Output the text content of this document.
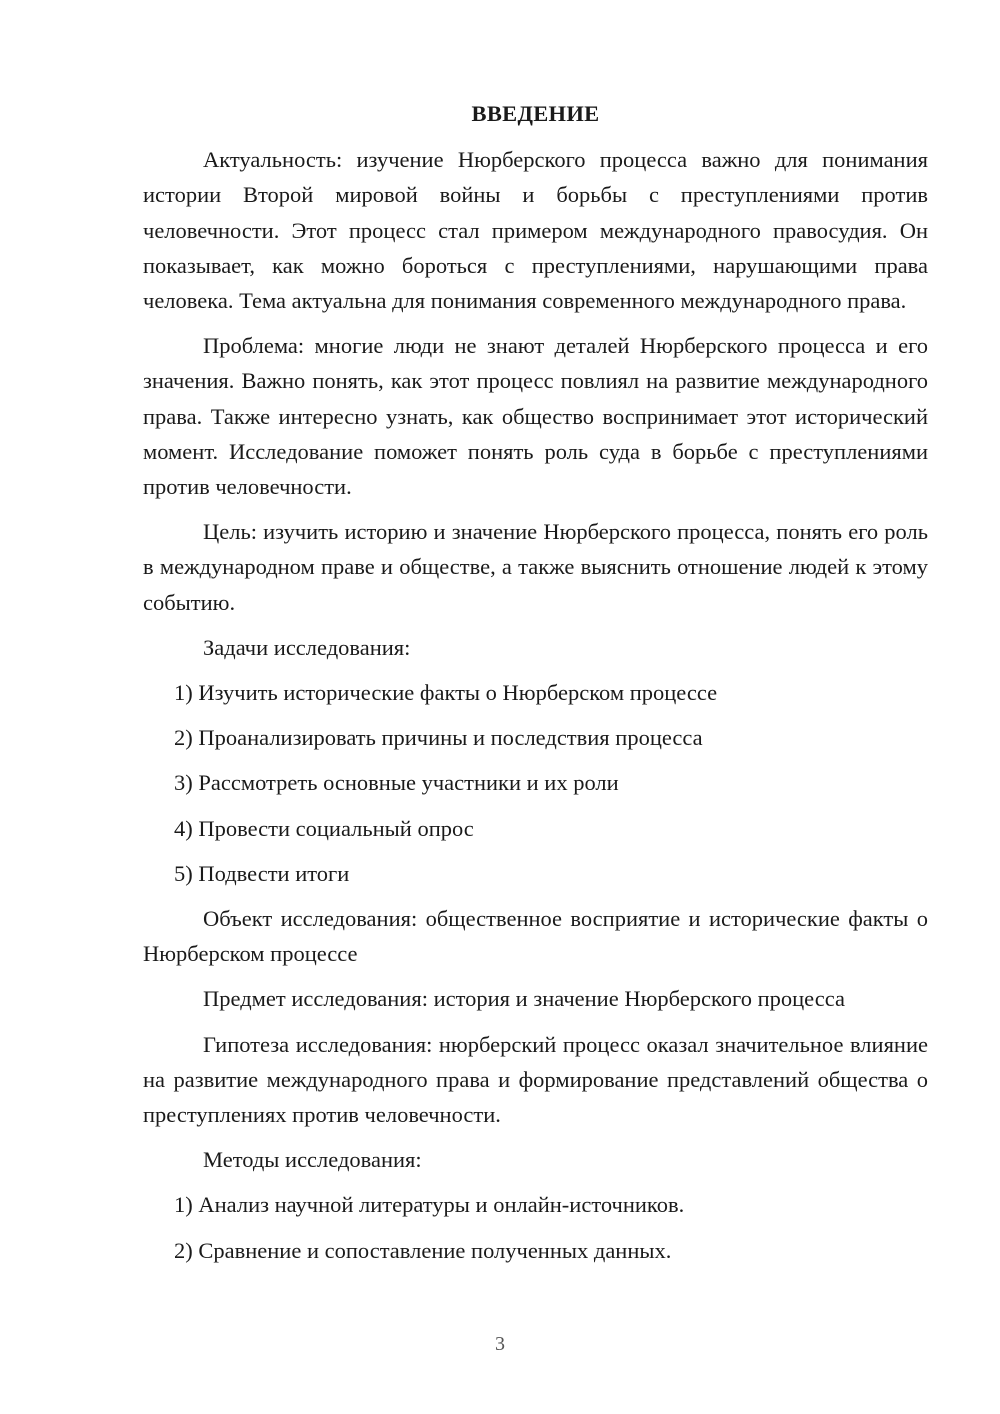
ВВЕДЕНИЕ
Актуальность: изучение Нюрберского процесса важно для понимания истории Второй мировой войны и борьбы с преступлениями против человечности. Этот процесс стал примером международного правосудия. Он показывает, как можно бороться с преступлениями, нарушающими права человека. Тема актуальна для понимания современного международного права.
Проблема: многие люди не знают деталей Нюрберского процесса и его значения. Важно понять, как этот процесс повлиял на развитие международного права. Также интересно узнать, как общество воспринимает этот исторический момент. Исследование поможет понять роль суда в борьбе с преступлениями против человечности.
Цель: изучить историю и значение Нюрберского процесса, понять его роль в международном праве и обществе, а также выяснить отношение людей к этому событию.
Задачи исследования:
1) Изучить исторические факты о Нюрберском процессе
2) Проанализировать причины и последствия процесса
3) Рассмотреть основные участники и их роли
4) Провести социальный опрос
5) Подвести итоги
Объект исследования: общественное восприятие и исторические факты о Нюрберском процессе
Предмет исследования: история и значение Нюрберского процесса
Гипотеза исследования: нюрберский процесс оказал значительное влияние на развитие международного права и формирование представлений общества о преступлениях против человечности.
Методы исследования:
1) Анализ научной литературы и онлайн-источников.
2) Сравнение и сопоставление полученных данных.
3
